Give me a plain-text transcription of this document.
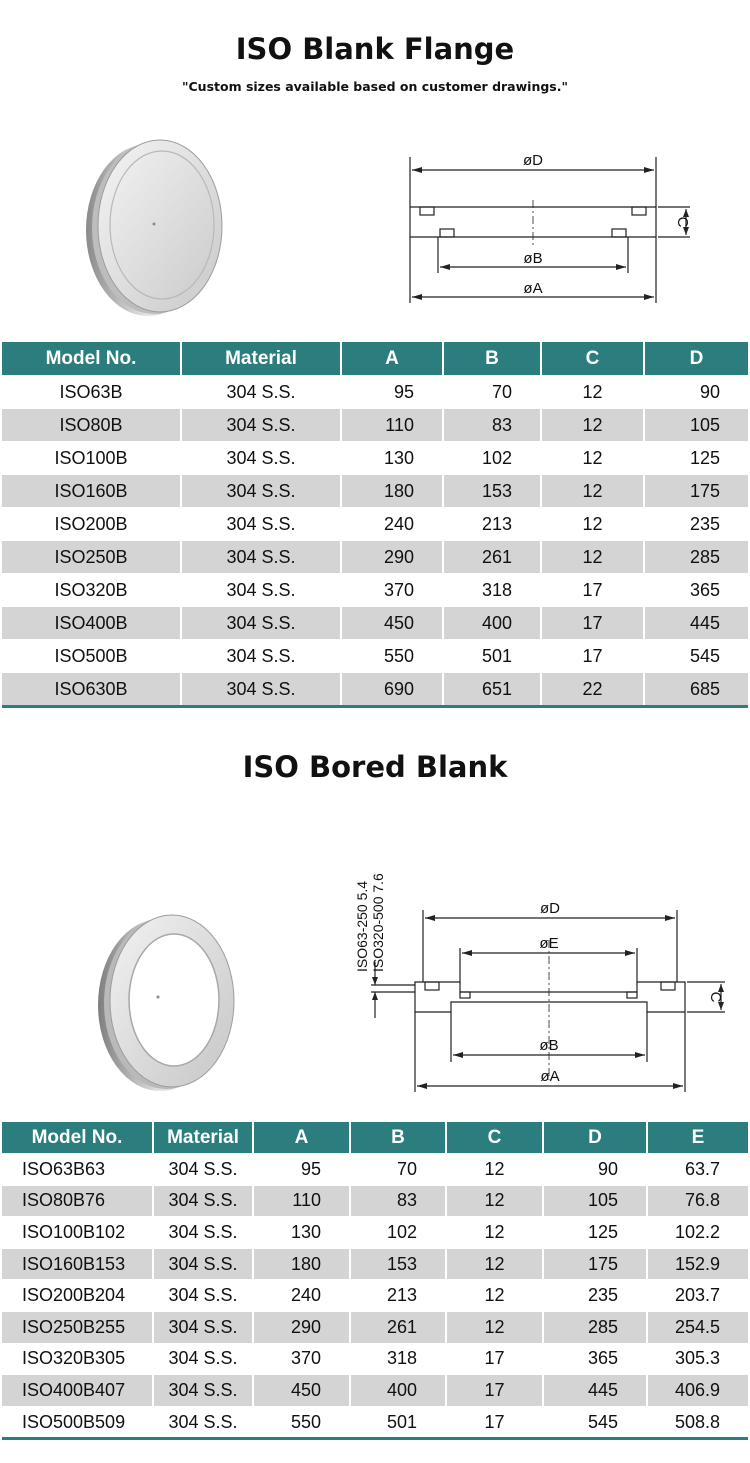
ISO Blank Flange
"Custom sizes available based on customer drawings."
øD
øB
øA
C
Model No.	Material	A	B	C	D
ISO63B	304 S.S.	95	70	12	90
ISO80B	304 S.S.	110	83	12	105
ISO100B	304 S.S.	130	102	12	125
ISO160B	304 S.S.	180	153	12	175
ISO200B	304 S.S.	240	213	12	235
ISO250B	304 S.S.	290	261	12	285
ISO320B	304 S.S.	370	318	17	365
ISO400B	304 S.S.	450	400	17	445
ISO500B	304 S.S.	550	501	17	545
ISO630B	304 S.S.	690	651	22	685
ISO Bored Blank
øD
øE
øB
øA
C
ISO63-250 5.4 ISO320-500 7.6
Model No.	Material	A	B	C	D	E
ISO63B63	304 S.S.	95	70	12	90	63.7
ISO80B76	304 S.S.	110	83	12	105	76.8
ISO100B102	304 S.S.	130	102	12	125	102.2
ISO160B153	304 S.S.	180	153	12	175	152.9
ISO200B204	304 S.S.	240	213	12	235	203.7
ISO250B255	304 S.S.	290	261	12	285	254.5
ISO320B305	304 S.S.	370	318	17	365	305.3
ISO400B407	304 S.S.	450	400	17	445	406.9
ISO500B509	304 S.S.	550	501	17	545	508.8
